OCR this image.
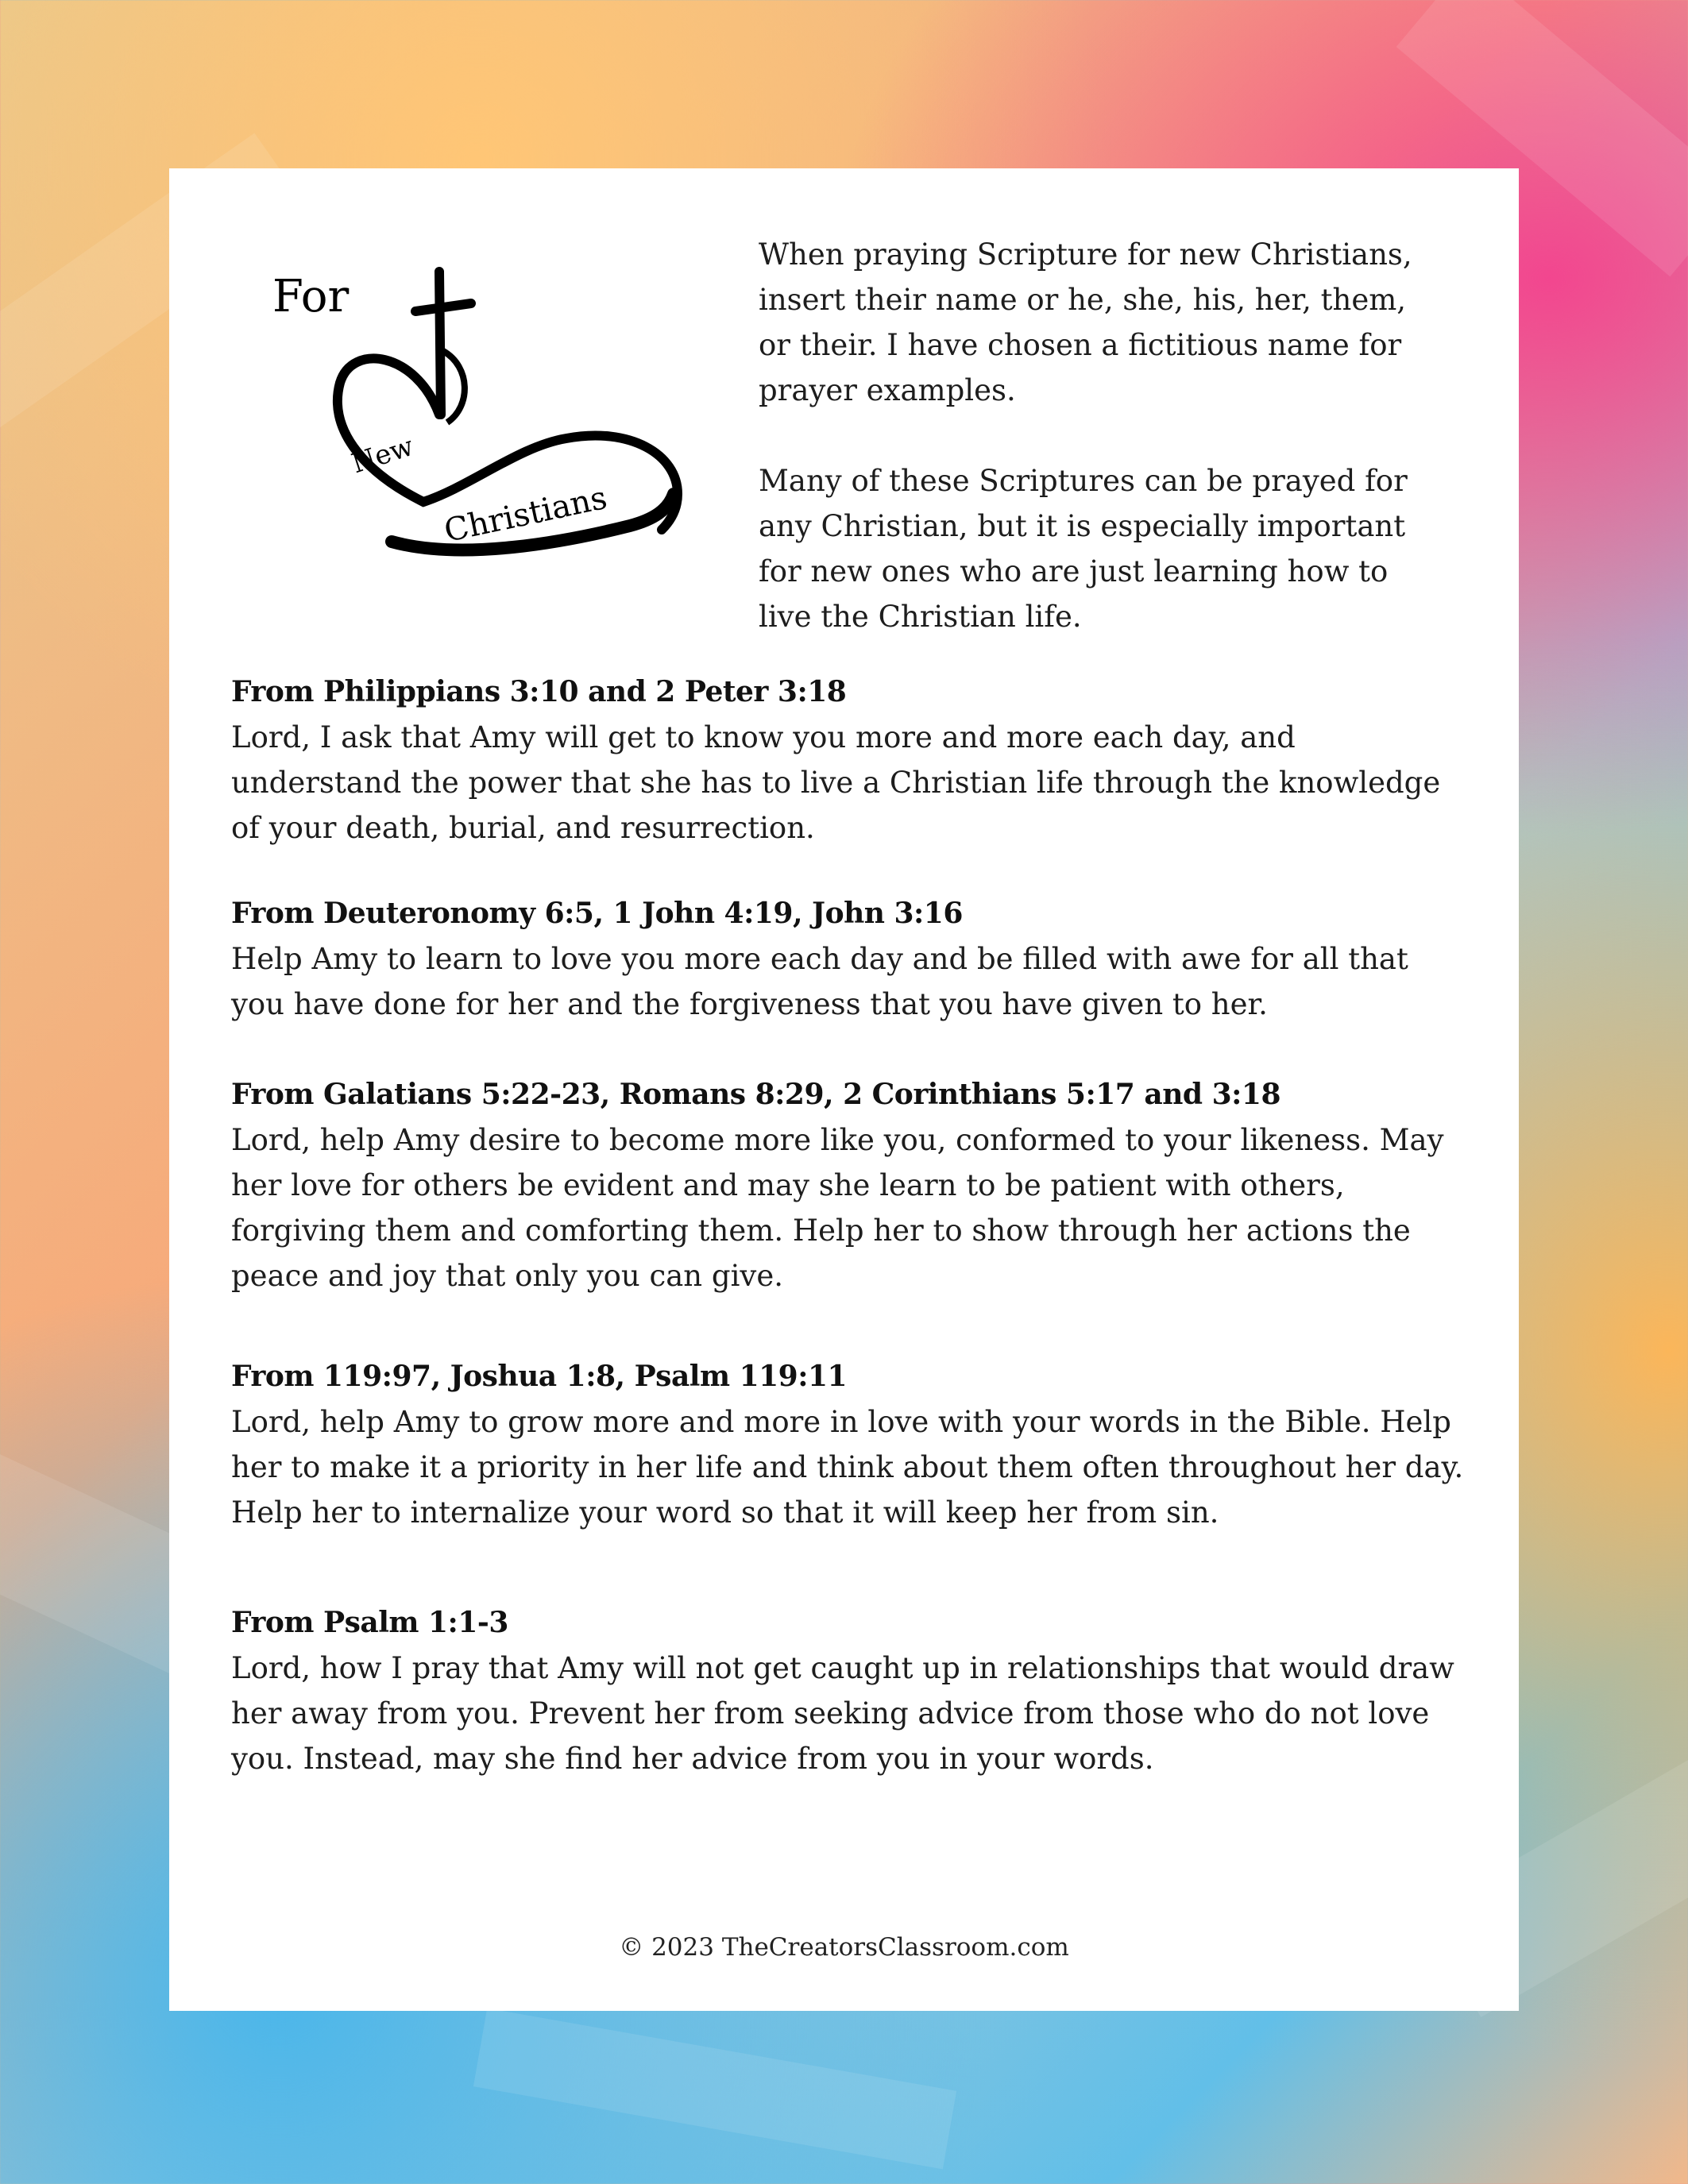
For
New
Christians

When praying Scripture for new Christians, insert their name or he, she, his, her, them, or their. I have chosen a fictitious name for prayer examples.

Many of these Scriptures can be prayed for any Christian, but it is especially important for new ones who are just learning how to live the Christian life.

From Philippians 3:10 and 2 Peter 3:18

Lord, I ask that Amy will get to know you more and more each day, and understand the power that she has to live a Christian life through the knowledge of your death, burial, and resurrection.

From Deuteronomy 6:5, 1 John 4:19, John 3:16

Help Amy to learn to love you more each day and be filled with awe for all that you have done for her and the forgiveness that you have given to her.

From Galatians 5:22-23, Romans 8:29, 2 Corinthians 5:17 and 3:18

Lord, help Amy desire to become more like you, conformed to your likeness. May her love for others be evident and may she learn to be patient with others, forgiving them and comforting them. Help her to show through her actions the peace and joy that only you can give.

From 119:97, Joshua 1:8, Psalm 119:11

Lord, help Amy to grow more and more in love with your words in the Bible. Help her to make it a priority in her life and think about them often throughout her day. Help her to internalize your word so that it will keep her from sin.

From Psalm 1:1-3

Lord, how I pray that Amy will not get caught up in relationships that would draw her away from you. Prevent her from seeking advice from those who do not love you. Instead, may she find her advice from you in your words.

© 2023 TheCreatorsClassroom.com
